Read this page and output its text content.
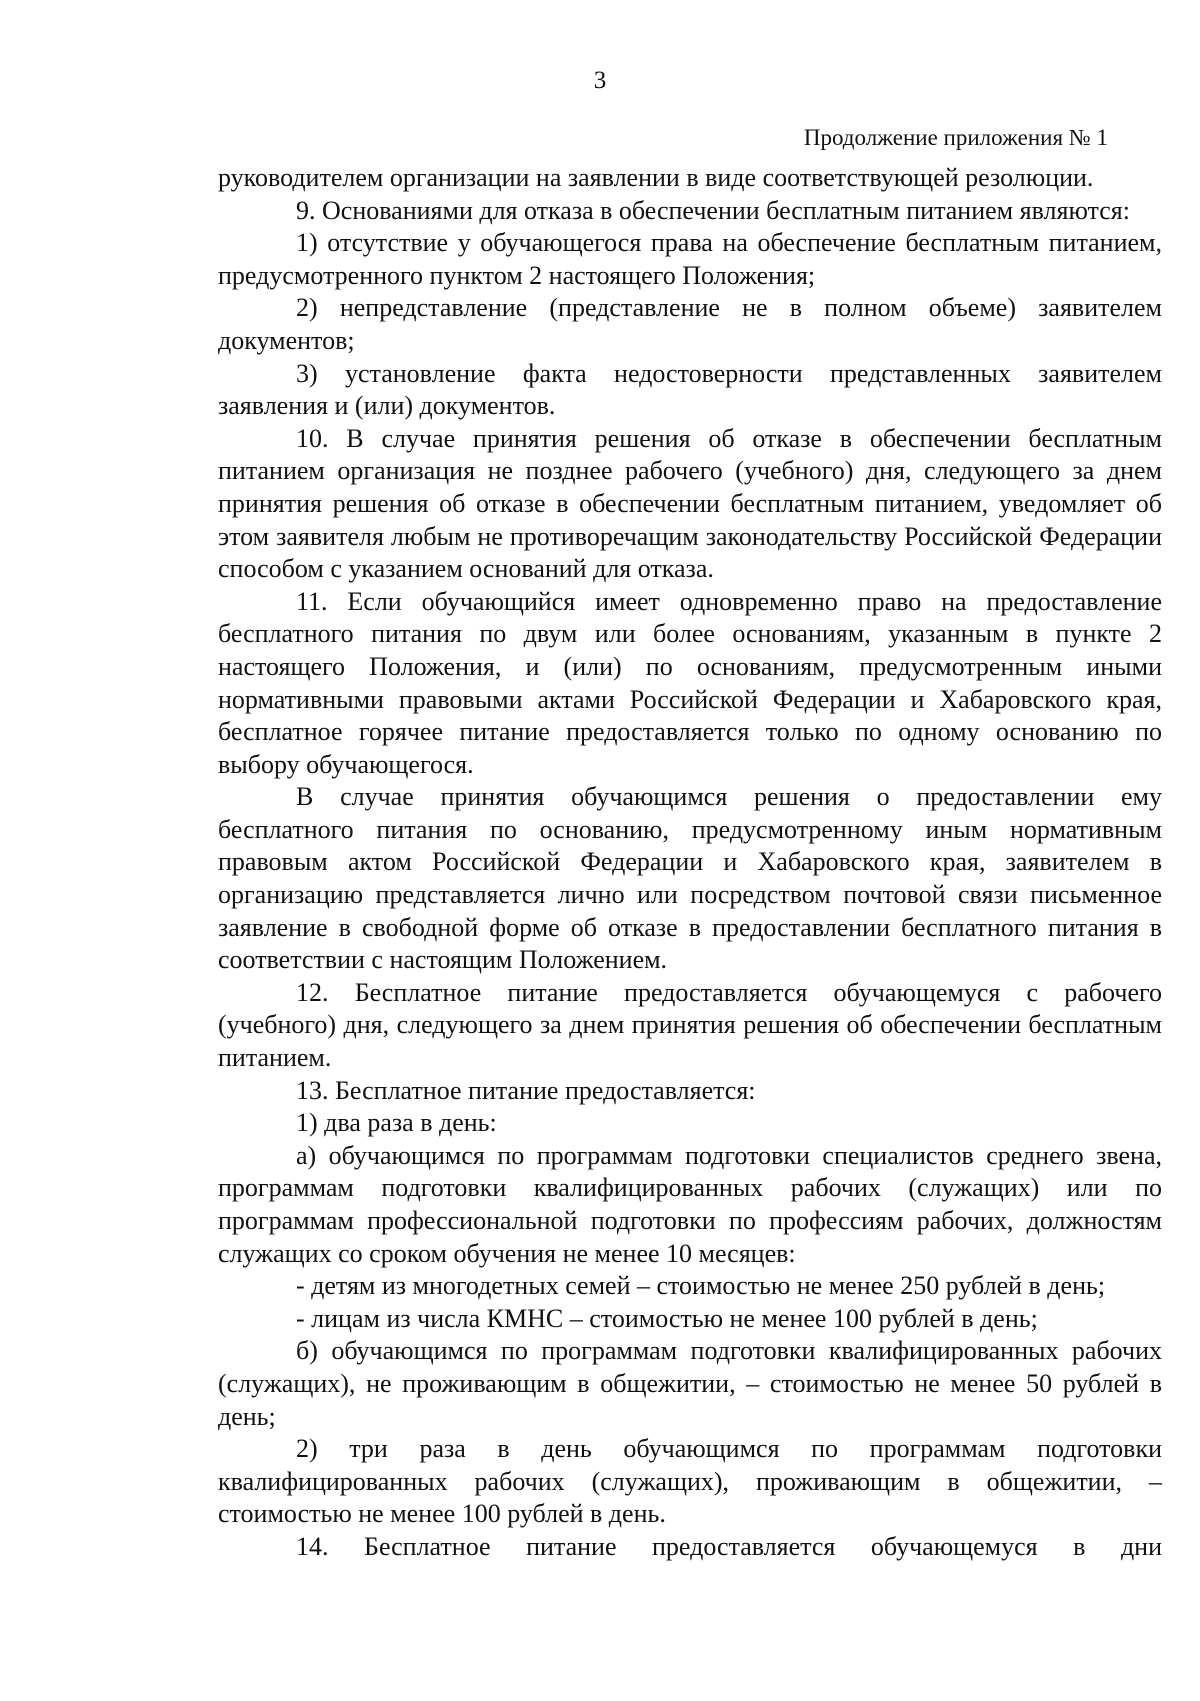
3
Продолжение приложения № 1

руководителем организации на заявлении в виде соответствующей резолюции.

9. Основаниями для отказа в обеспечении бесплатным питанием являются:

1) отсутствие у обучающегося права на обеспечение бесплатным питанием, предусмотренного пунктом 2 настоящего Положения;

2) непредставление (представление не в полном объеме) заявителем документов;

3) установление факта недостоверности представленных заявителем заявления и (или) документов.

10. В случае принятия решения об отказе в обеспечении бесплатным питанием организация не позднее рабочего (учебного) дня, следующего за днем принятия решения об отказе в обеспечении бесплатным питанием, уведомляет об этом заявителя любым не противоречащим законодательству Российской Федерации способом с указанием оснований для отказа.

11. Если обучающийся имеет одновременно право на предоставление бесплатного питания по двум или более основаниям, указанным в пункте 2 настоящего Положения, и (или) по основаниям, предусмотренным иными нормативными правовыми актами Российской Федерации и Хабаровского края, бесплатное горячее питание предоставляется только по одному основанию по выбору обучающегося.

В случае принятия обучающимся решения о предоставлении ему бесплатного питания по основанию, предусмотренному иным нормативным правовым актом Российской Федерации и Хабаровского края, заявителем в организацию представляется лично или посредством почтовой связи письменное заявление в свободной форме об отказе в предоставлении бесплатного питания в соответствии с настоящим Положением.

12. Бесплатное питание предоставляется обучающемуся с рабочего (учебного) дня, следующего за днем принятия решения об обеспечении бесплатным питанием.

13. Бесплатное питание предоставляется:

1) два раза в день:

а) обучающимся по программам подготовки специалистов среднего звена, программам подготовки квалифицированных рабочих (служащих) или по программам профессиональной подготовки по профессиям рабочих, должностям служащих со сроком обучения не менее 10 месяцев:

- детям из многодетных семей – стоимостью не менее 250 рублей в день;

- лицам из числа КМНС – стоимостью не менее 100 рублей в день;

б) обучающимся по программам подготовки квалифицированных рабочих (служащих), не проживающим в общежитии, – стоимостью не менее 50 рублей в день;

2) три раза в день обучающимся по программам подготовки квалифицированных рабочих (служащих), проживающим в общежитии, – стоимостью не менее 100 рублей в день.

14. Бесплатное питание предоставляется обучающемуся в дни
